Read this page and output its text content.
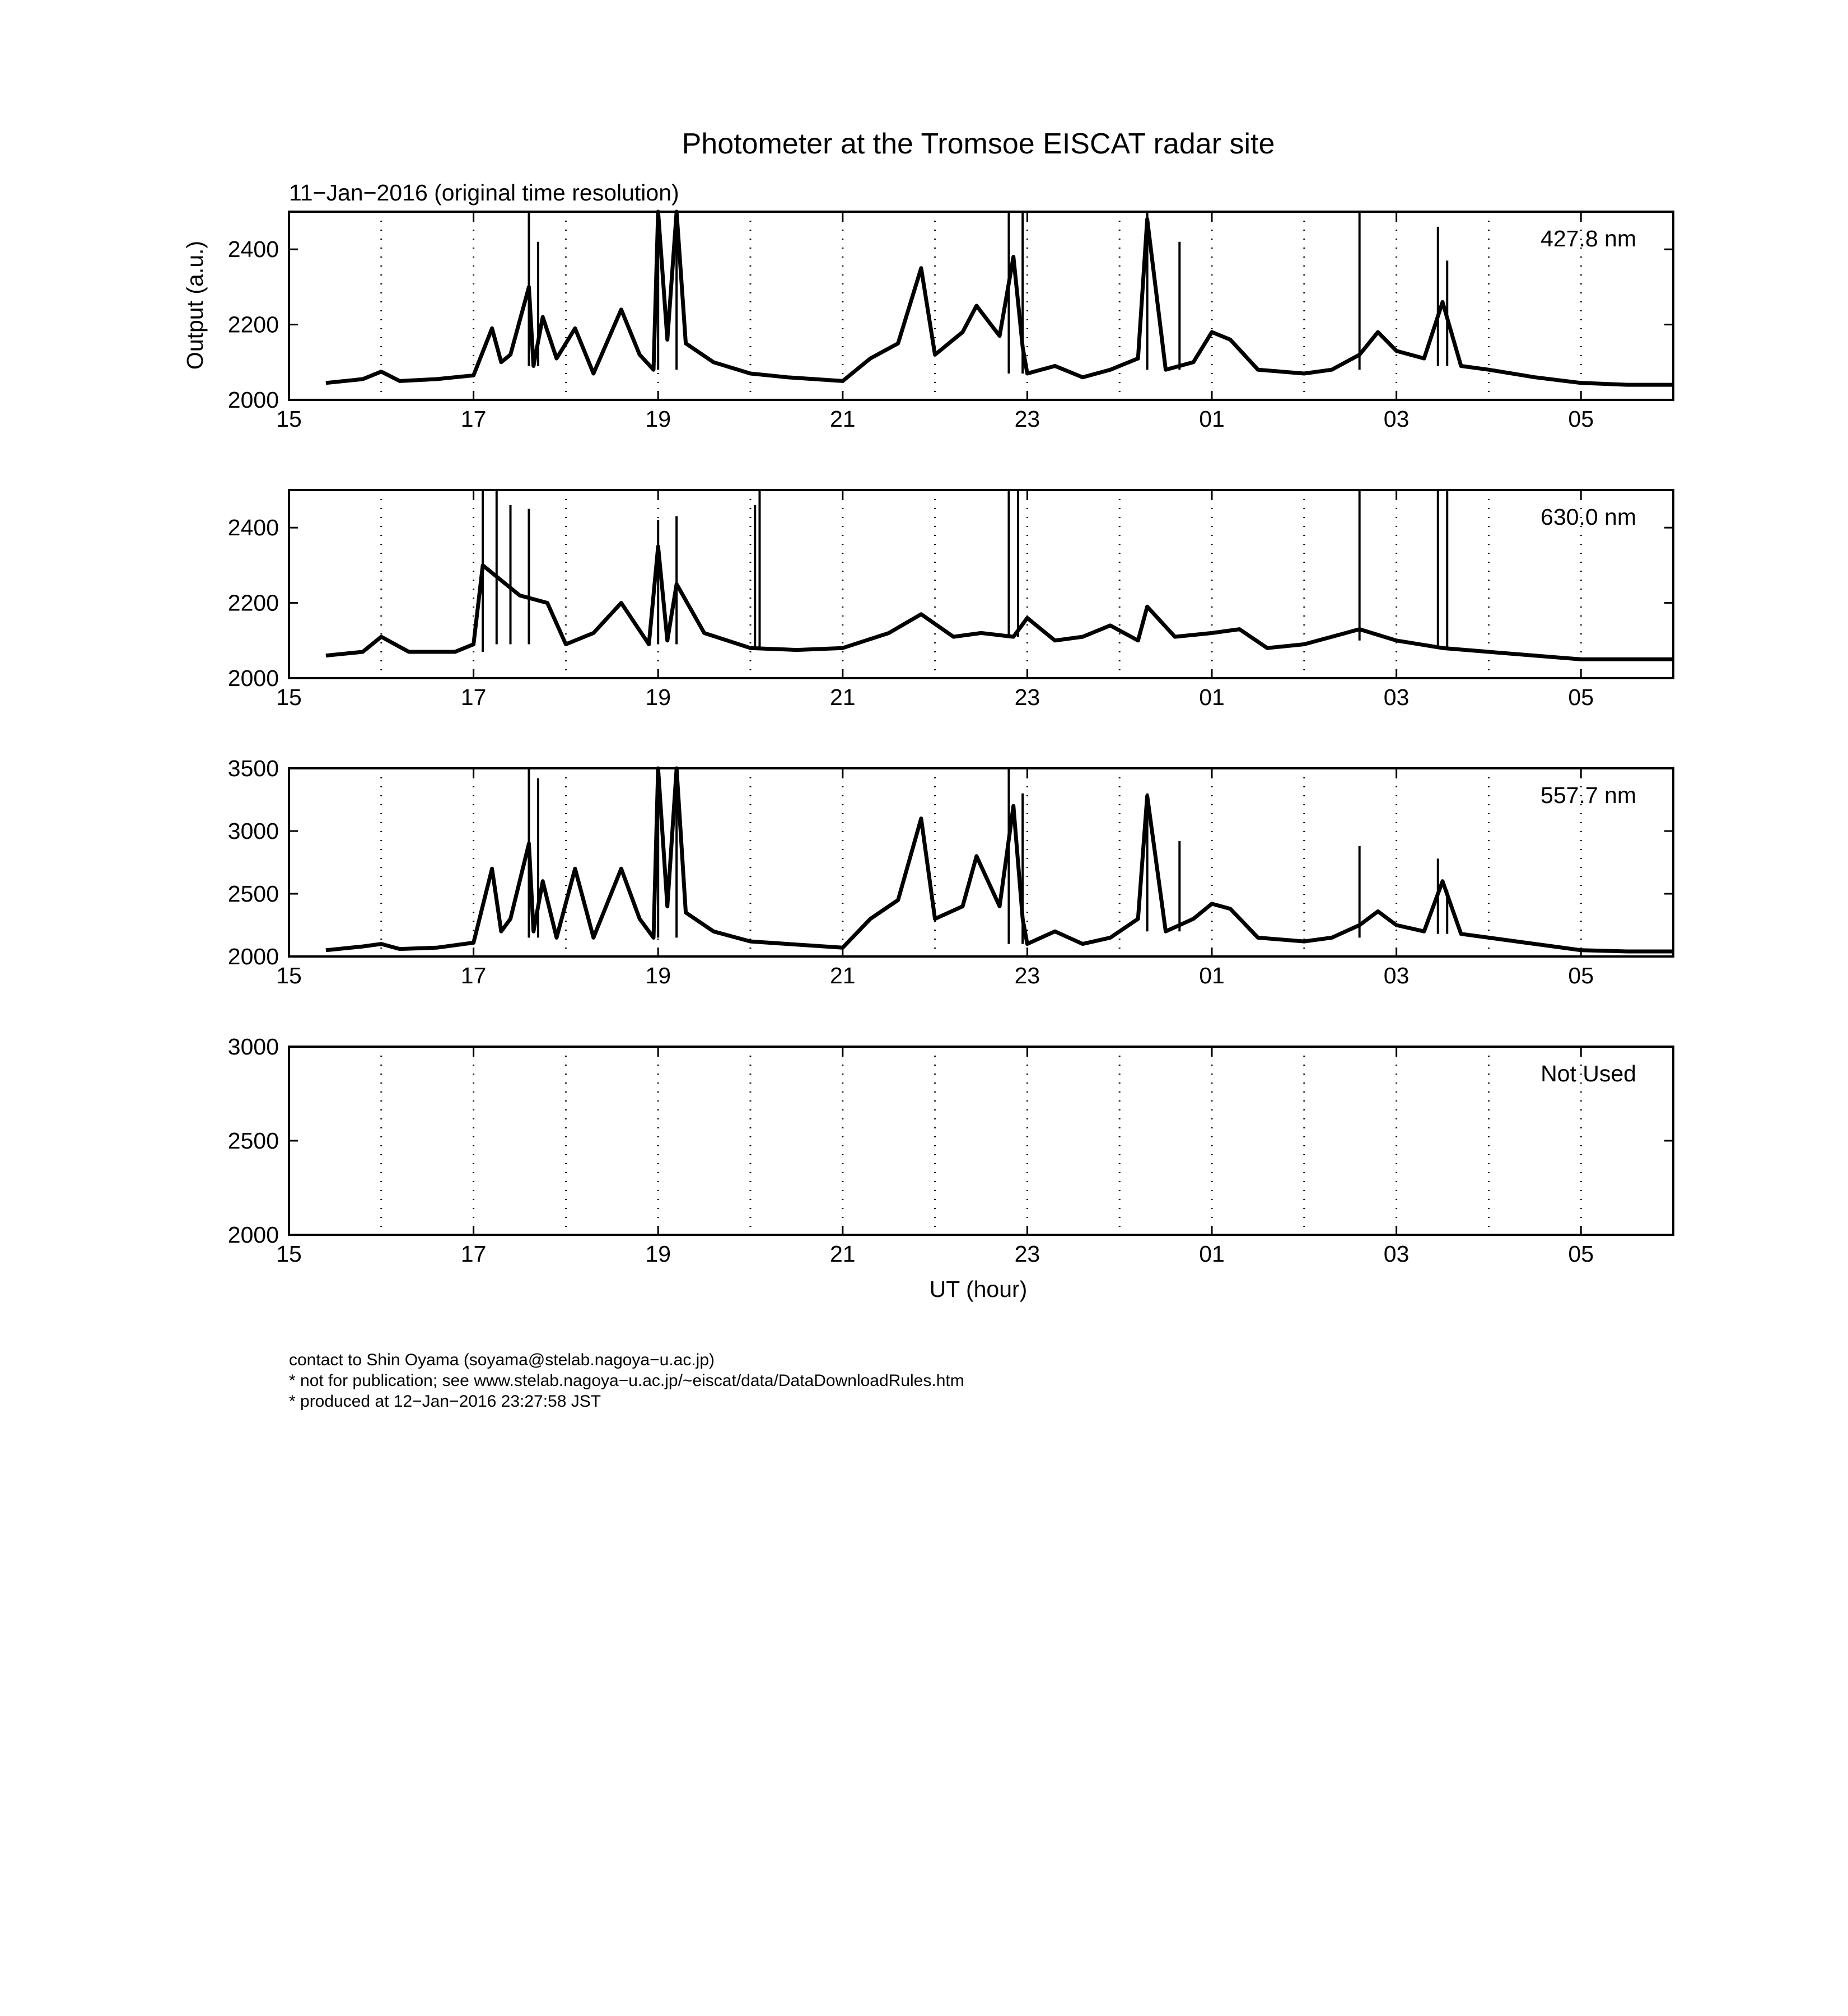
Photometer at the Tromsoe EISCAT radar site
11−Jan−2016 (original time resolution)
Output (a.u.)
UT (hour)
15	17	19	21	23	01	03	05
2000
2200
2400	427.8 nm
15	17	19	21	23	01	03	05
2000
2200
2400	630.0 nm
15	17	19	21	23	01	03	05
2000
2500
3000
3500
557.7 nm
15	17	19	21	23	01	03	05
2000
2500
3000
Not Used
contact to Shin Oyama (soyama@stelab.nagoya−u.ac.jp)
* not for publication; see www.stelab.nagoya−u.ac.jp/~eiscat/data/DataDownloadRules.htm
* produced at 12−Jan−2016 23:27:58 JST
